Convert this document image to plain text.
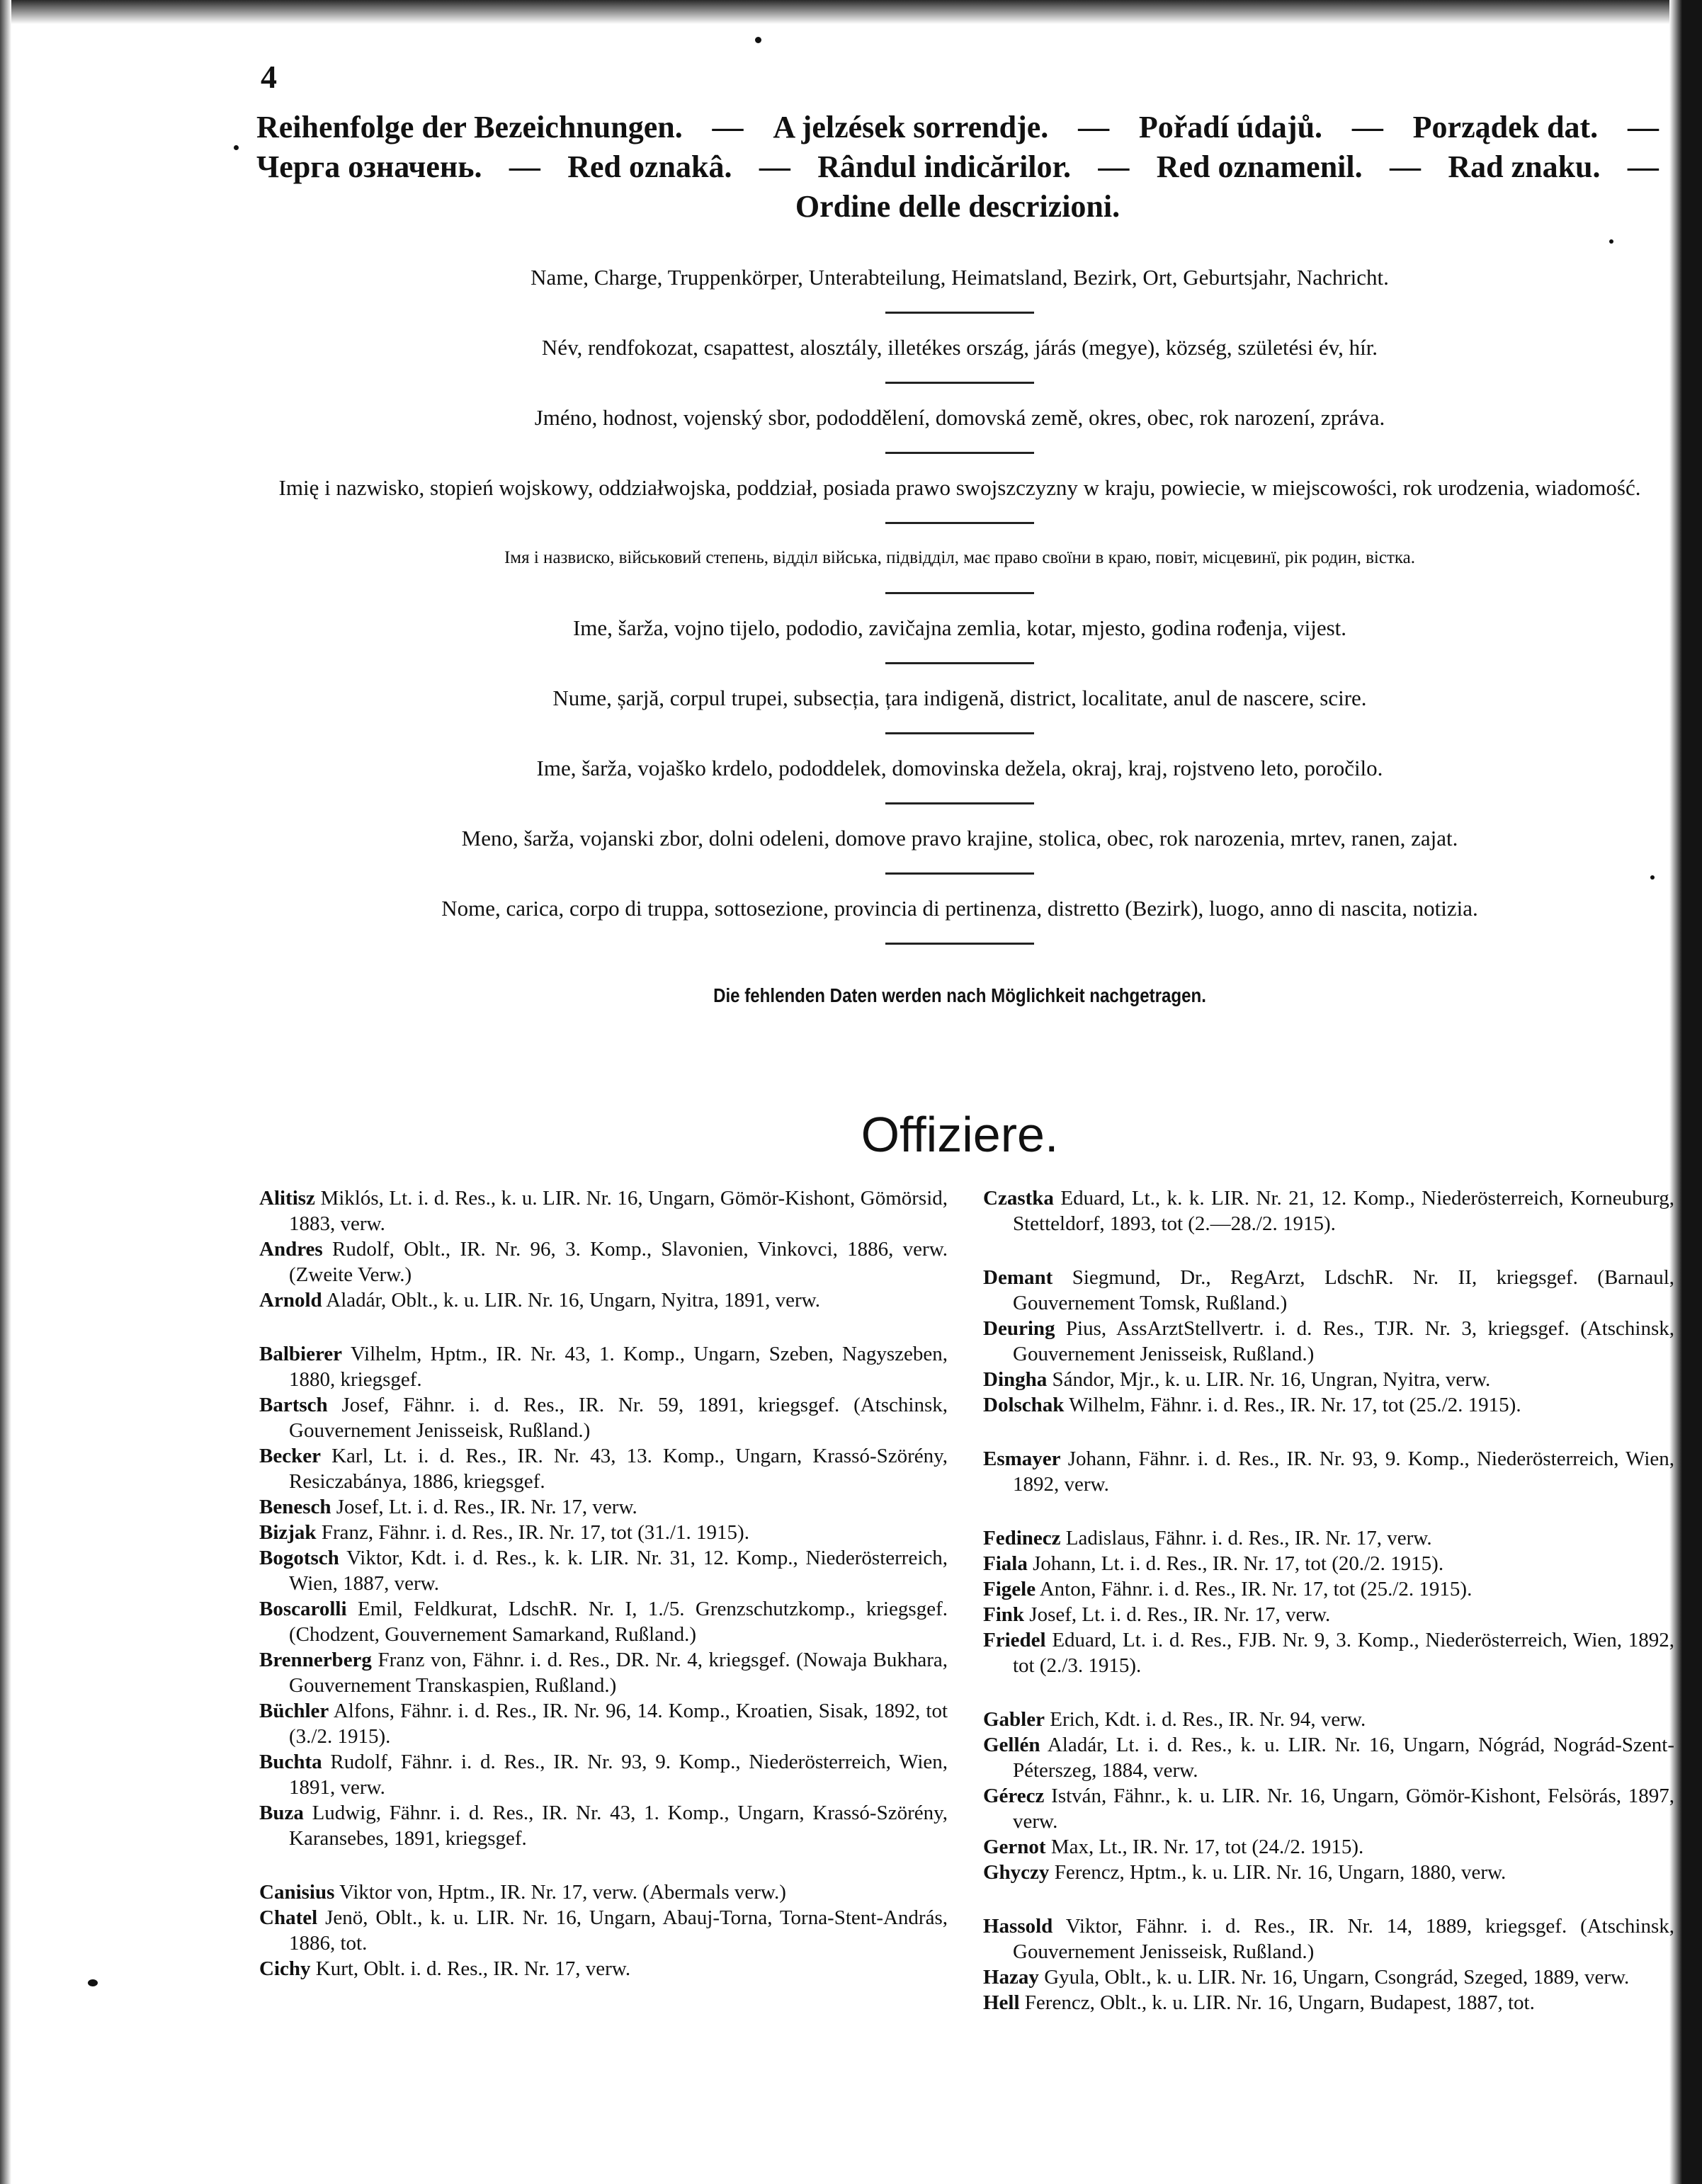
4
Reihenfolge der Bezeichnungen. — A jelzések sorrendje. — Pořadí údajů. — Porządek dat. —
Черга означень. — Red oznakâ. — Rândul indicărilor. — Red oznamenil. — Rad znaku. —
Ordine delle descrizioni.
Name, Charge, Truppenkörper, Unterabteilung, Heimatsland, Bezirk, Ort, Geburtsjahr, Nachricht.
Név, rendfokozat, csapattest, alosztály, illetékes ország, járás (megye), község, születési év, hír.
Jméno, hodnost, vojenský sbor, pododdělení, domovská země, okres, obec, rok narození, zpráva.
Imię i nazwisko, stopień wojskowy, oddziałwojska, poddział, posiada prawo swojszczyzny w kraju, powiecie, w miejscowości, rok urodzenia, wiadomość.
Імя і назвиско, військовий степень, відділ війська, підвідділ, має право своїни в краю, повіт, місцевинї, рік родин, вістка.
Ime, šarža, vojno tijelo, pododio, zavičajna zemlia, kotar, mjesto, godina rođenja, vijest.
Nume, șarjă, corpul trupei, subsecția, țara indigenă, district, localitate, anul de nascere, scire.
Ime, šarža, vojaško krdelo, pododdelek, domovinska dežela, okraj, kraj, rojstveno leto, poročilo.
Meno, šarža, vojanski zbor, dolni odeleni, domove pravo krajine, stolica, obec, rok narozenia, mrtev, ranen, zajat.
Nome, carica, corpo di truppa, sottosezione, provincia di pertinenza, distretto (Bezirk), luogo, anno di nascita, notizia.
Die fehlenden Daten werden nach Möglichkeit nachgetragen.
Offiziere.
Alitisz Miklós, Lt. i. d. Res., k. u. LIR. Nr. 16, Ungarn, Gömör-Kishont, Gömörsid, 1883, verw.
Andres Rudolf, Oblt., IR. Nr. 96, 3. Komp., Slavonien, Vinkovci, 1886, verw. (Zweite Verw.)
Arnold Aladár, Oblt., k. u. LIR. Nr. 16, Ungarn, Nyitra, 1891, verw.
Balbierer Vilhelm, Hptm., IR. Nr. 43, 1. Komp., Ungarn, Szeben, Nagyszeben, 1880, kriegsgef.
Bartsch Josef, Fähnr. i. d. Res., IR. Nr. 59, 1891, kriegsgef. (Atschinsk, Gouvernement Jenisseisk, Rußland.)
Becker Karl, Lt. i. d. Res., IR. Nr. 43, 13. Komp., Ungarn, Krassó-Szörény, Resiczabánya, 1886, kriegsgef.
Benesch Josef, Lt. i. d. Res., IR. Nr. 17, verw.
Bizjak Franz, Fähnr. i. d. Res., IR. Nr. 17, tot (31./1. 1915).
Bogotsch Viktor, Kdt. i. d. Res., k. k. LIR. Nr. 31, 12. Komp., Niederösterreich, Wien, 1887, verw.
Boscarolli Emil, Feldkurat, LdschR. Nr. I, 1./5. Grenzschutzkomp., kriegsgef. (Chodzent, Gouvernement Samarkand, Rußland.)
Brennerberg Franz von, Fähnr. i. d. Res., DR. Nr. 4, kriegsgef. (Nowaja Bukhara, Gouvernement Transkaspien, Rußland.)
Büchler Alfons, Fähnr. i. d. Res., IR. Nr. 96, 14. Komp., Kroatien, Sisak, 1892, tot (3./2. 1915).
Buchta Rudolf, Fähnr. i. d. Res., IR. Nr. 93, 9. Komp., Niederösterreich, Wien, 1891, verw.
Buza Ludwig, Fähnr. i. d. Res., IR. Nr. 43, 1. Komp., Ungarn, Krassó-Szörény, Karansebes, 1891, kriegsgef.
Canisius Viktor von, Hptm., IR. Nr. 17, verw. (Abermals verw.)
Chatel Jenö, Oblt., k. u. LIR. Nr. 16, Ungarn, Abauj-Torna, Torna-Stent-András, 1886, tot.
Cichy Kurt, Oblt. i. d. Res., IR. Nr. 17, verw.
Czastka Eduard, Lt., k. k. LIR. Nr. 21, 12. Komp., Niederösterreich, Korneuburg, Stetteldorf, 1893, tot (2.—28./2. 1915).
Demant Siegmund, Dr., RegArzt, LdschR. Nr. II, kriegsgef. (Barnaul, Gouvernement Tomsk, Rußland.)
Deuring Pius, AssArztStellvertr. i. d. Res., TJR. Nr. 3, kriegsgef. (Atschinsk, Gouvernement Jenisseisk, Rußland.)
Dingha Sándor, Mjr., k. u. LIR. Nr. 16, Ungran, Nyitra, verw.
Dolschak Wilhelm, Fähnr. i. d. Res., IR. Nr. 17, tot (25./2. 1915).
Esmayer Johann, Fähnr. i. d. Res., IR. Nr. 93, 9. Komp., Niederösterreich, Wien, 1892, verw.
Fedinecz Ladislaus, Fähnr. i. d. Res., IR. Nr. 17, verw.
Fiala Johann, Lt. i. d. Res., IR. Nr. 17, tot (20./2. 1915).
Figele Anton, Fähnr. i. d. Res., IR. Nr. 17, tot (25./2. 1915).
Fink Josef, Lt. i. d. Res., IR. Nr. 17, verw.
Friedel Eduard, Lt. i. d. Res., FJB. Nr. 9, 3. Komp., Niederösterreich, Wien, 1892, tot (2./3. 1915).
Gabler Erich, Kdt. i. d. Res., IR. Nr. 94, verw.
Gellén Aladár, Lt. i. d. Res., k. u. LIR. Nr. 16, Ungarn, Nógrád, Nográd-Szent-Péterszeg, 1884, verw.
Gérecz István, Fähnr., k. u. LIR. Nr. 16, Ungarn, Gömör-Kishont, Felsörás, 1897, verw.
Gernot Max, Lt., IR. Nr. 17, tot (24./2. 1915).
Ghyczy Ferencz, Hptm., k. u. LIR. Nr. 16, Ungarn, 1880, verw.
Hassold Viktor, Fähnr. i. d. Res., IR. Nr. 14, 1889, kriegsgef. (Atschinsk, Gouvernement Jenisseisk, Rußland.)
Hazay Gyula, Oblt., k. u. LIR. Nr. 16, Ungarn, Csongrád, Szeged, 1889, verw.
Hell Ferencz, Oblt., k. u. LIR. Nr. 16, Ungarn, Budapest, 1887, tot.
